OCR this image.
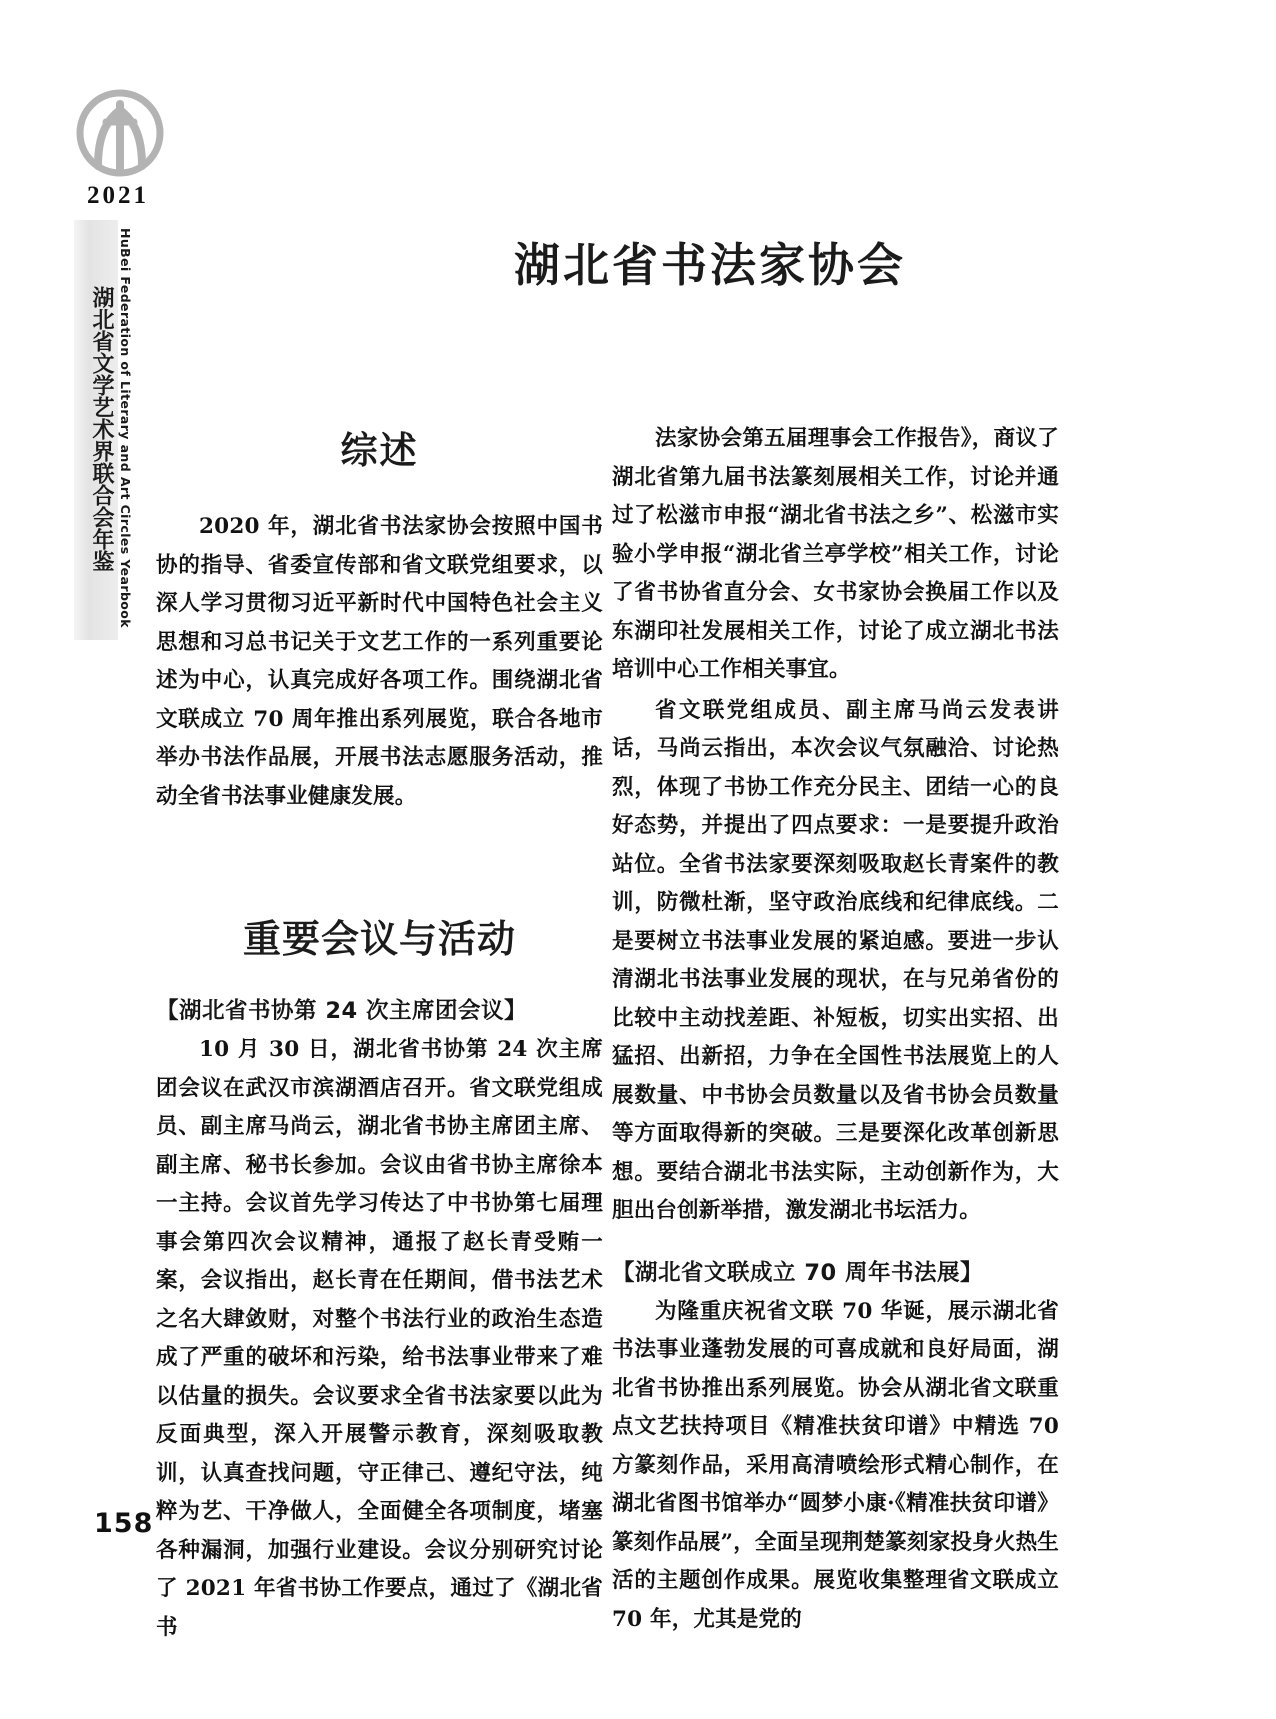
2021
湖北省文学艺术界联合会年鉴 HuBei Federation of Literary and Art Circles Yearbook	湖北省书法家协会
综述

2020 年，湖北省书法家协会按照中国书协的指导、省委宣传部和省文联党组要求，以深人学习贯彻习近平新时代中国特色社会主义思想和习总书记关于文艺工作的一系列重要论述为中心，认真完成好各项工作。围绕湖北省文联成立 70 周年推出系列展览，联合各地市举办书法作品展，开展书法志愿服务活动，推动全省书法事业健康发展。

重要会议与活动
【湖北省书协第 24 次主席团会议】

10 月 30 日，湖北省书协第 24 次主席团会议在武汉市滨湖酒店召开。省文联党组成员、副主席马尚云，湖北省书协主席团主席、副主席、秘书长参加。会议由省书协主席徐本一主持。会议首先学习传达了中书协第七届理事会第四次会议精神，通报了赵长青受贿一案，会议指出，赵长青在任期间，借书法艺术之名大肆敛财，对整个书法行业的政治生态造成了严重的破坏和污染，给书法事业带来了难以估量的损失。会议要求全省书法家要以此为反面典型，深入开展警示教育，深刻吸取教训，认真查找问题，守正律己、遵纪守法，纯粹为艺、干净做人，全面健全各项制度，堵塞各种漏洞，加强行业建设。会议分别研究讨论了 2021 年省书协工作要点，通过了《湖北省书

法家协会第五届理事会工作报告》，商议了湖北省第九届书法篆刻展相关工作，讨论并通过了松滋市申报“湖北省书法之乡”、松滋市实验小学申报“湖北省兰亭学校”相关工作，讨论了省书协省直分会、女书家协会换届工作以及东湖印社发展相关工作，讨论了成立湖北书法培训中心工作相关事宜。

省文联党组成员、副主席马尚云发表讲话，马尚云指出，本次会议气氛融洽、讨论热烈，体现了书协工作充分民主、团结一心的良好态势，并提出了四点要求：一是要提升政治站位。全省书法家要深刻吸取赵长青案件的教训，防微杜渐，坚守政治底线和纪律底线。二是要树立书法事业发展的紧迫感。要进一步认清湖北书法事业发展的现状，在与兄弟省份的比较中主动找差距、补短板，切实出实招、出猛招、出新招，力争在全国性书法展览上的人展数量、中书协会员数量以及省书协会员数量等方面取得新的突破。三是要深化改革创新思想。要结合湖北书法实际，主动创新作为，大胆出台创新举措，激发湖北书坛活力。

【湖北省文联成立 70 周年书法展】

为隆重庆祝省文联 70 华诞，展示湖北省书法事业蓬勃发展的可喜成就和良好局面，湖北省书协推出系列展览。协会从湖北省文联重点文艺扶持项目《精准扶贫印谱》中精选 70 方篆刻作品，采用高清喷绘形式精心制作，在湖北省图书馆举办“圆梦小康·《精准扶贫印谱》篆刻作品展”，全面呈现荆楚篆刻家投身火热生活的主题创作成果。展览收集整理省文联成立 70 年，尤其是党的

158
